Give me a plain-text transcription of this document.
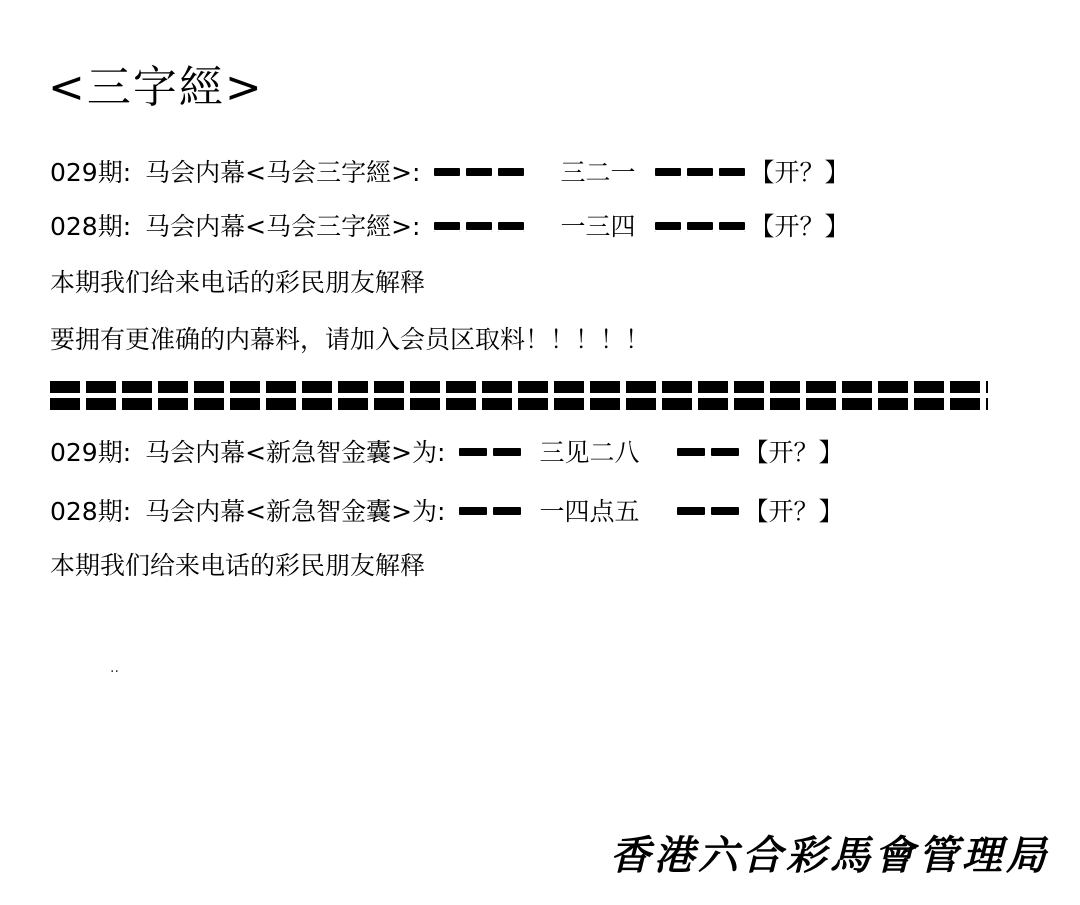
<三字經>
029期: 马会内幕<马会三字經>:	三二一	【开？】
028期: 马会内幕<马会三字經>:	一三四	【开？】
本期我们给来电话的彩民朋友解释
要拥有更准确的内幕料，请加入会员区取料！！！！！
029期: 马会内幕<新急智金囊>为:	三见二八	【开？】
028期: 马会内幕<新急智金囊>为:	一四点五	【开？】
本期我们给来电话的彩民朋友解释
..
香港六合彩馬會管理局
